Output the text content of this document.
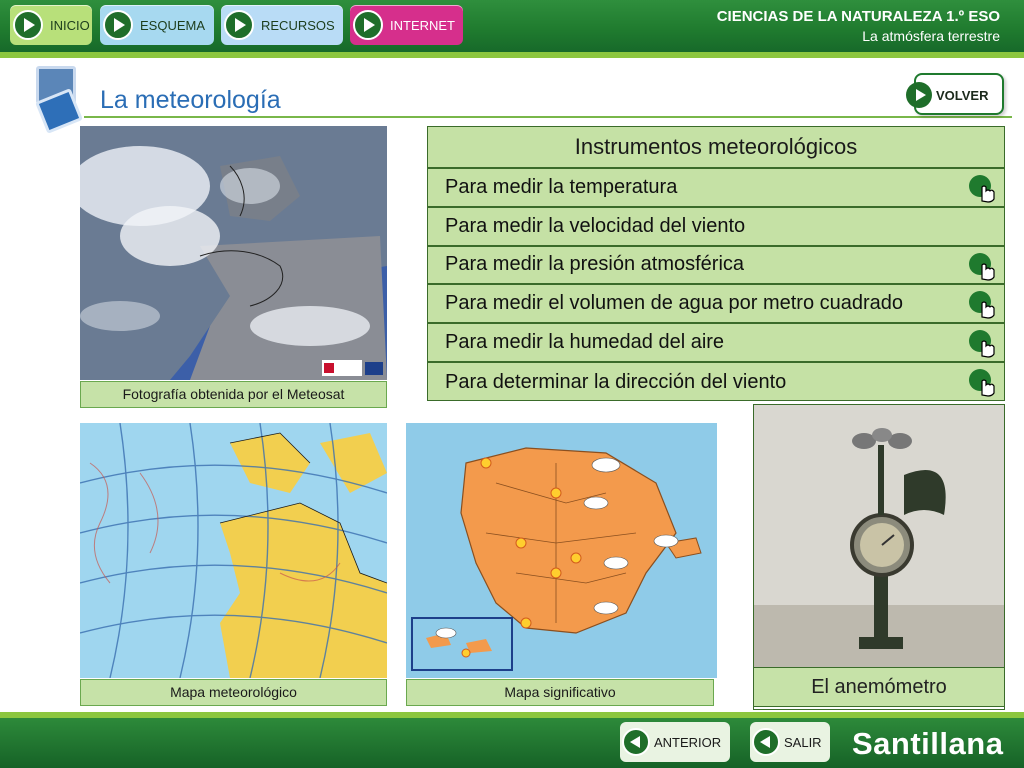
INICIO	ESQUEMA	RECURSOS	INTERNET
CIENCIAS DE LA NATURALEZA 1.º ESO
La atmósfera terrestre
La meteorología	VOLVER
Fotografía obtenida por el Meteosat
Instrumentos meteorológicos
Para medir la temperatura
Para medir la velocidad del viento
Para medir la presión atmosférica
Para medir el volumen de agua por metro cuadrado
Para medir la humedad del aire
Para determinar la dirección del viento
Mapa meteorológico	Mapa significativo	El anemómetro
ANTERIOR	SALIR Santillana
